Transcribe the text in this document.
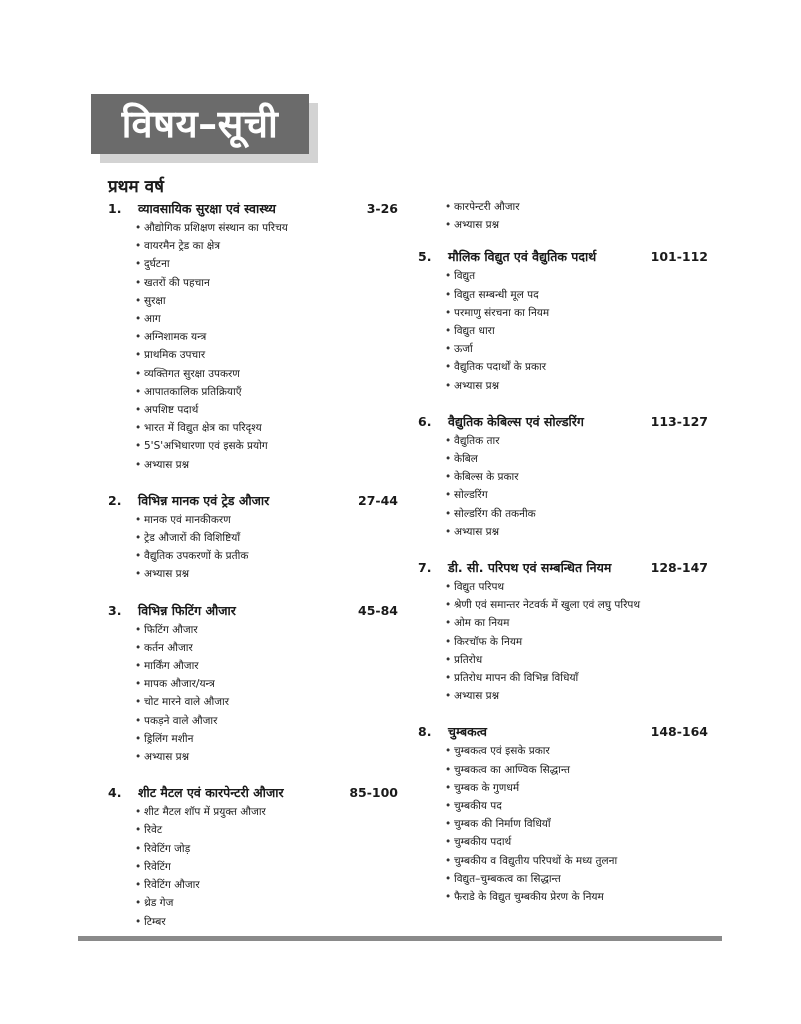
विषय–सूची
प्रथम वर्ष
1.	व्यावसायिक सुरक्षा एवं स्वास्थ्य	3-26
• औद्योगिक प्रशिक्षण संस्थान का परिचय
• वायरमैन ट्रेड का क्षेत्र
• दुर्घटना
• खतरों की पहचान
• सुरक्षा
• आग
• अग्निशामक यन्त्र
• प्राथमिक उपचार
• व्यक्तिगत सुरक्षा उपकरण
• आपातकालिक प्रतिक्रियाएँ
• अपशिष्ट पदार्थ
• भारत में विद्युत क्षेत्र का परिदृश्य
• 5'S'अभिधारणा एवं इसके प्रयोग
• अभ्यास प्रश्न
2.	विभिन्न मानक एवं ट्रेड औजार	27-44
• मानक एवं मानकीकरण
• ट्रेड औजारों की विशिष्टियाँ
• वैद्युतिक उपकरणों के प्रतीक
• अभ्यास प्रश्न
3.	विभिन्न फिटिंग औजार	45-84
• फिटिंग औजार
• कर्तन औजार
• मार्किंग औजार
• मापक औजार/यन्त्र
• चोट मारने वाले औजार
• पकड़ने वाले औजार
• ड्रिलिंग मशीन
• अभ्यास प्रश्न
4.	शीट मैटल एवं कारपेन्टरी औजार	85-100
• शीट मैटल शॉप में प्रयुक्त औजार
• रिवेट
• रिवेटिंग जोड़
• रिवेटिंग
• रिवेटिंग औजार
• थ्रेड गेज
• टिम्बर
• कारपेन्टरी औजार
• अभ्यास प्रश्न
5.	मौलिक विद्युत एवं वैद्युतिक पदार्थ	101-112
• विद्युत
• विद्युत सम्बन्धी मूल पद
• परमाणु संरचना का नियम
• विद्युत धारा
• ऊर्जा
• वैद्युतिक पदार्थों के प्रकार
• अभ्यास प्रश्न
6.	वैद्युतिक केबिल्स एवं सोल्डरिंग	113-127
• वैद्युतिक तार
• केबिल
• केबिल्स के प्रकार
• सोल्डरिंग
• सोल्डरिंग की तकनीक
• अभ्यास प्रश्न
7.	डी. सी. परिपथ एवं सम्बन्धित नियम	128-147
• विद्युत परिपथ
• श्रेणी एवं समान्तर नेटवर्क में खुला एवं लघु परिपथ
• ओम का नियम
• किरचॉफ के नियम
• प्रतिरोध
• प्रतिरोध मापन की विभिन्न विधियाँ
• अभ्यास प्रश्न
8.	चुम्बकत्व	148-164
• चुम्बकत्व एवं इसके प्रकार
• चुम्बकत्व का आण्विक सिद्धान्त
• चुम्बक के गुणधर्म
• चुम्बकीय पद
• चुम्बक की निर्माण विधियाँ
• चुम्बकीय पदार्थ
• चुम्बकीय व विद्युतीय परिपथों के मध्य तुलना
• विद्युत–चुम्बकत्व का सिद्धान्त
• फैराडे के विद्युत चुम्बकीय प्रेरण के नियम
